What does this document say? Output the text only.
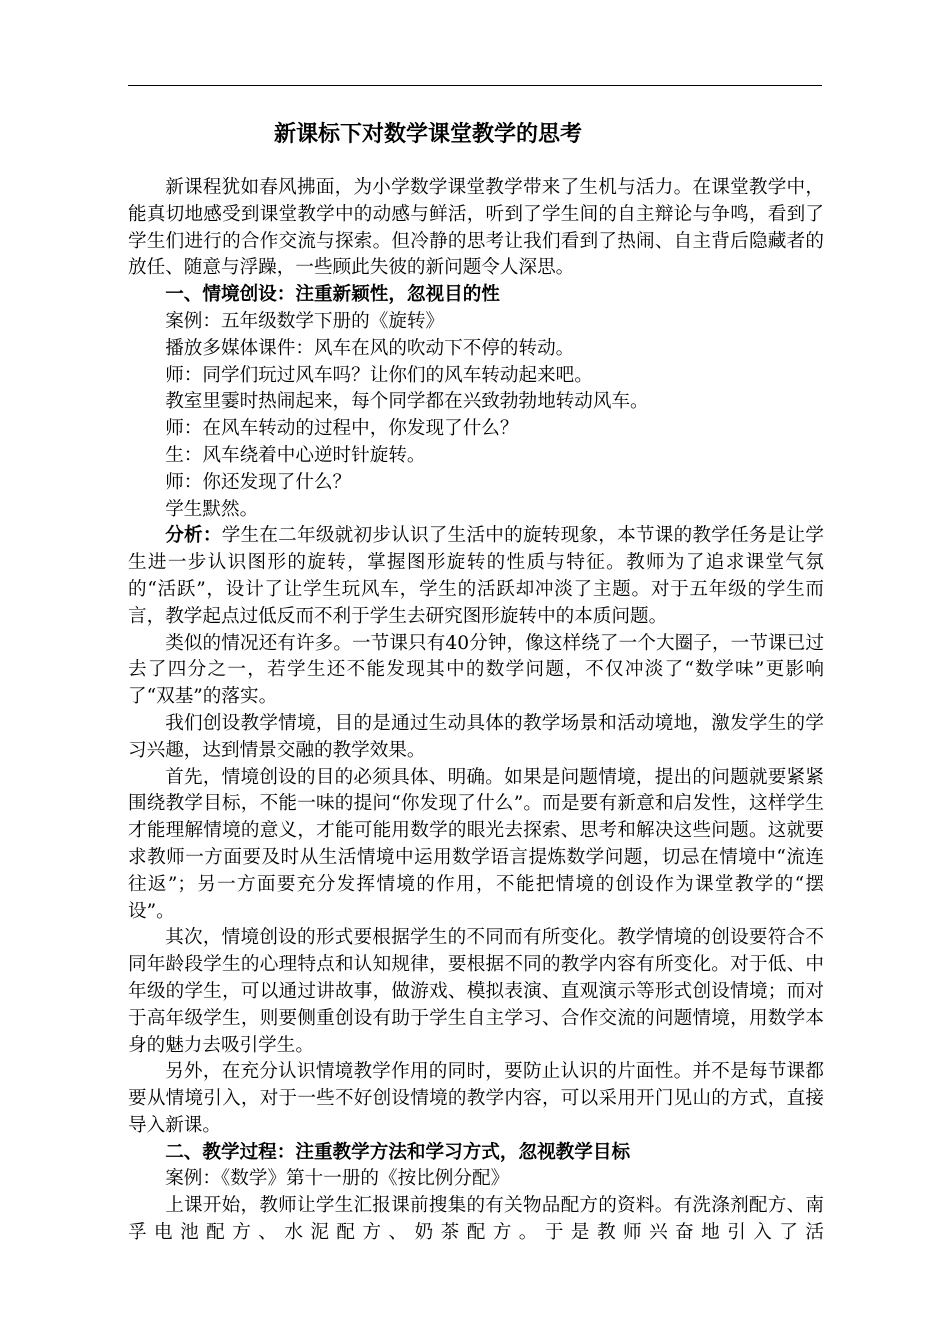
新课标下对数学课堂教学的思考

新课程犹如春风拂面，为小学数学课堂教学带来了生机与活力。在课堂教学中，能真切地感受到课堂教学中的动感与鲜活，听到了学生间的自主辩论与争鸣，看到了学生们进行的合作交流与探索。但冷静的思考让我们看到了热闹、自主背后隐藏者的放任、随意与浮躁，一些顾此失彼的新问题令人深思。

一、情境创设：注重新颖性，忽视目的性

案例：五年级数学下册的《旋转》

播放多媒体课件：风车在风的吹动下不停的转动。

师：同学们玩过风车吗？让你们的风车转动起来吧。

教室里霎时热闹起来，每个同学都在兴致勃勃地转动风车。

师：在风车转动的过程中，你发现了什么？

生：风车绕着中心逆时针旋转。

师：你还发现了什么？

学生默然。

分析：学生在二年级就初步认识了生活中的旋转现象，本节课的教学任务是让学生进一步认识图形的旋转，掌握图形旋转的性质与特征。教师为了追求课堂气氛的“活跃”，设计了让学生玩风车，学生的活跃却冲淡了主题。对于五年级的学生而言，教学起点过低反而不利于学生去研究图形旋转中的本质问题。

类似的情况还有许多。一节课只有40分钟，像这样绕了一个大圈子，一节课已过去了四分之一，若学生还不能发现其中的数学问题，不仅冲淡了“数学味”更影响了“双基”的落实。

我们创设教学情境，目的是通过生动具体的教学场景和活动境地，激发学生的学习兴趣，达到情景交融的教学效果。

首先，情境创设的目的必须具体、明确。如果是问题情境，提出的问题就要紧紧围绕教学目标，不能一味的提问“你发现了什么”。而是要有新意和启发性，这样学生才能理解情境的意义，才能可能用数学的眼光去探索、思考和解决这些问题。这就要求教师一方面要及时从生活情境中运用数学语言提炼数学问题，切忌在情境中“流连往返”；另一方面要充分发挥情境的作用，不能把情境的创设作为课堂教学的“摆设”。

其次，情境创设的形式要根据学生的不同而有所变化。教学情境的创设要符合不同年龄段学生的心理特点和认知规律，要根据不同的教学内容有所变化。对于低、中年级的学生，可以通过讲故事，做游戏、模拟表演、直观演示等形式创设情境；而对于高年级学生，则要侧重创设有助于学生自主学习、合作交流的问题情境，用数学本身的魅力去吸引学生。

另外，在充分认识情境教学作用的同时，要防止认识的片面性。并不是每节课都要从情境引入，对于一些不好创设情境的教学内容，可以采用开门见山的方式，直接导入新课。

二、教学过程：注重教学方法和学习方式，忽视教学目标

案例：《数学》第十一册的《按比例分配》

上课开始，教师让学生汇报课前搜集的有关物品配方的资料。有洗涤剂配方、南孚电池配方、水泥配方、奶茶配方。于是教师兴奋地引入了活
